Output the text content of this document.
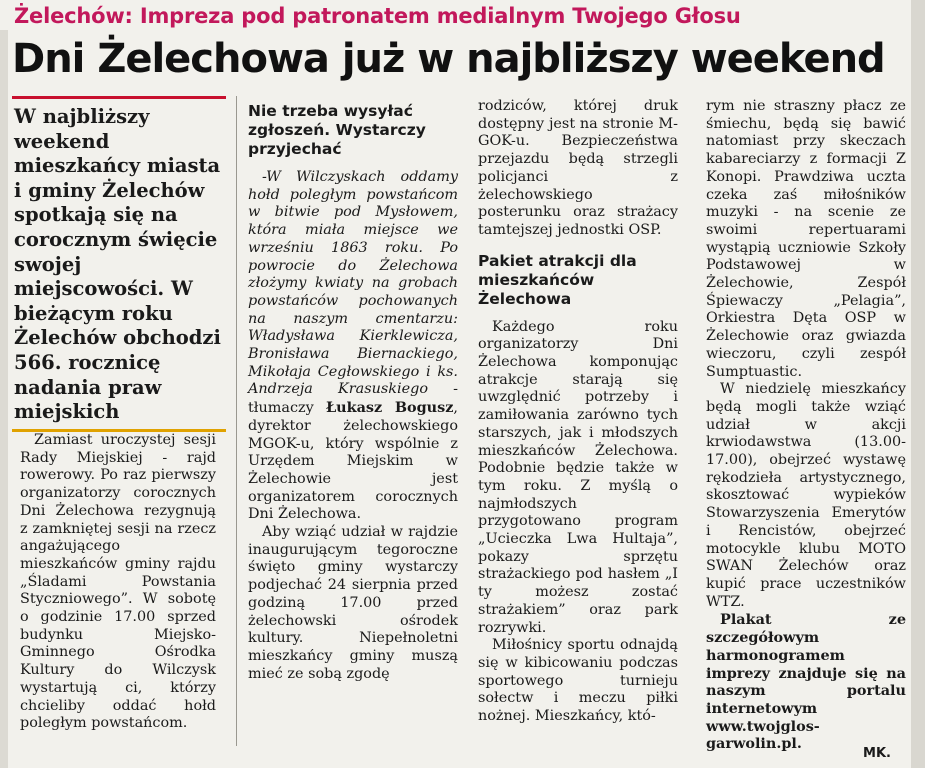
Żelechów: Impreza pod patronatem medialnym Twojego Głosu
Dni Żelechowa już w najbliższy weekend

W najbliższy weekend mieszkańcy miasta i gminy Żelechów spotkają się na corocznym święcie swojej miejscowości. W bieżącym roku Żelechów obchodzi 566. rocznicę nadania praw miejskich

Zamiast uroczystej sesji Rady Miejskiej - rajd rowerowy. Po raz pierwszy organizatorzy corocznych Dni Żelechowa rezygnują z zamkniętej sesji na rzecz angażującego mieszkańców gminy rajdu „Śladami Powstania Styczniowego”. W sobotę o godzinie 17.00 sprzed budynku Miejsko-Gminnego Ośrodka Kultury do Wilczysk wystartują ci, którzy chcieliby oddać hołd poległym powstańcom.

Nie trzeba wysyłać zgłoszeń. Wystarczy przyjechać

-W Wilczyskach oddamy hołd poległym powstańcom w bitwie pod Mysłowem, która miała miejsce we wrześniu 1863 roku. Po powrocie do Żelechowa złożymy kwiaty na grobach powstańców pochowanych na naszym cmentarzu: Władysława Kierklewicza, Bronisława Biernackiego, Mikołaja Cegłowskiego i ks. Andrzeja Krasuskiego -tłumaczy Łukasz Bogusz, dyrektor żelechowskiego MGOK-u, który wspólnie z Urzędem Miejskim w Żelechowie jest organizatorem corocznych Dni Żelechowa.

Aby wziąć udział w rajdzie inaugurującym tegoroczne święto gminy wystarczy podjechać 24 sierpnia przed godziną 17.00 przed żelechowski ośrodek kultury. Niepełnoletni mieszkańcy gminy muszą mieć ze sobą zgodę

rodziców, której druk dostępny jest na stronie M-GOK-u. Bezpieczeństwa przejazdu będą strzegli policjanci z żelechowskiego posterunku oraz strażacy tamtejszej jednostki OSP.

Pakiet atrakcji dla mieszkańców Żelechowa

Każdego roku organizatorzy Dni Żelechowa komponując atrakcje starają się uwzględnić potrzeby i zamiłowania zarówno tych starszych, jak i młodszych mieszkańców Żelechowa. Podobnie będzie także w tym roku. Z myślą o najmłodszych przygotowano program „Ucieczka Lwa Hultaja”, pokazy sprzętu strażackiego pod hasłem „I ty możesz zostać strażakiem” oraz park rozrywki.

Miłośnicy sportu odnajdą się w kibicowaniu podczas sportowego turnieju sołectw i meczu piłki nożnej. Mieszkańcy, któ-

rym nie straszny płacz ze śmiechu, będą się bawić natomiast przy skeczach kabareciarzy z formacji Z Konopi. Prawdziwa uczta czeka zaś miłośników muzyki - na scenie ze swoimi repertuarami wystąpią uczniowie Szkoły Podstawowej w Żelechowie, Zespół Śpiewaczy „Pelagia”, Orkiestra Dęta OSP w Żelechowie oraz gwiazda wieczoru, czyli zespół Sumptuastic.

W niedzielę mieszkańcy będą mogli także wziąć udział w akcji krwiodawstwa (13.00-17.00), obejrzeć wystawę rękodzieła artystycznego, skosztować wypieków Stowarzyszenia Emerytów i Rencistów, obejrzeć motocykle klubu MOTO SWAN Żelechów oraz kupić prace uczestników WTZ.

Plakat ze szczegółowym harmonogramem imprezy znajduje się na naszym portalu internetowym www.twojglos-garwolin.pl.

MK.
